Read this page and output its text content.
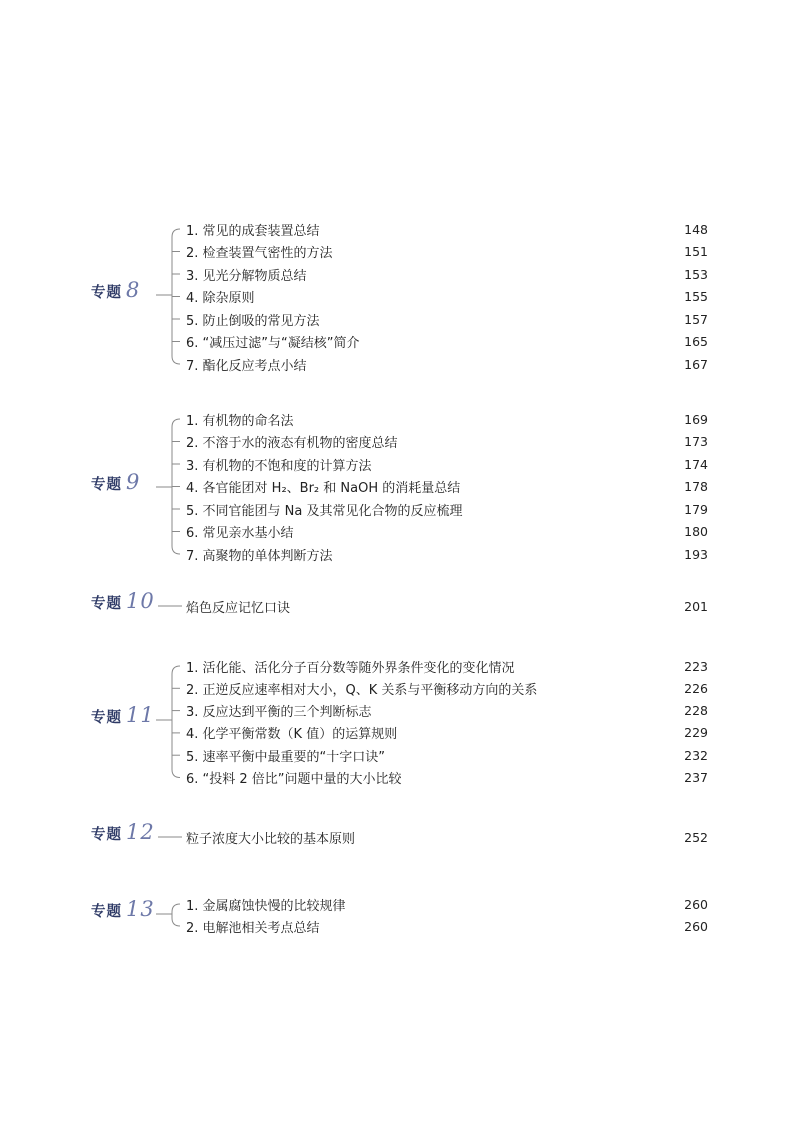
专题 8
1. 常见的成套装置总结	148
2. 检查装置气密性的方法	151
3. 见光分解物质总结	153
4. 除杂原则	155
5. 防止倒吸的常见方法	157
6. “减压过滤”与“凝结核”简介	165
7. 酯化反应考点小结	167
专题 9
1. 有机物的命名法	169
2. 不溶于水的液态有机物的密度总结	173
3. 有机物的不饱和度的计算方法	174
4. 各官能团对 H₂、Br₂ 和 NaOH 的消耗量总结	178
5. 不同官能团与 Na 及其常见化合物的反应梳理	179
6. 常见亲水基小结	180
7. 高聚物的单体判断方法	193
专题 10 焰色反应记忆口诀	201
专题 11
1. 活化能、活化分子百分数等随外界条件变化的变化情况	223
2. 正逆反应速率相对大小，Q、K 关系与平衡移动方向的关系	226
3. 反应达到平衡的三个判断标志	228
4. 化学平衡常数（K 值）的运算规则	229
5. 速率平衡中最重要的“十字口诀”	232
6. “投料 2 倍比”问题中量的大小比较	237
专题 12 粒子浓度大小比较的基本原则	252
专题 13 1. 金属腐蚀快慢的比较规律	260
2. 电解池相关考点总结	260
